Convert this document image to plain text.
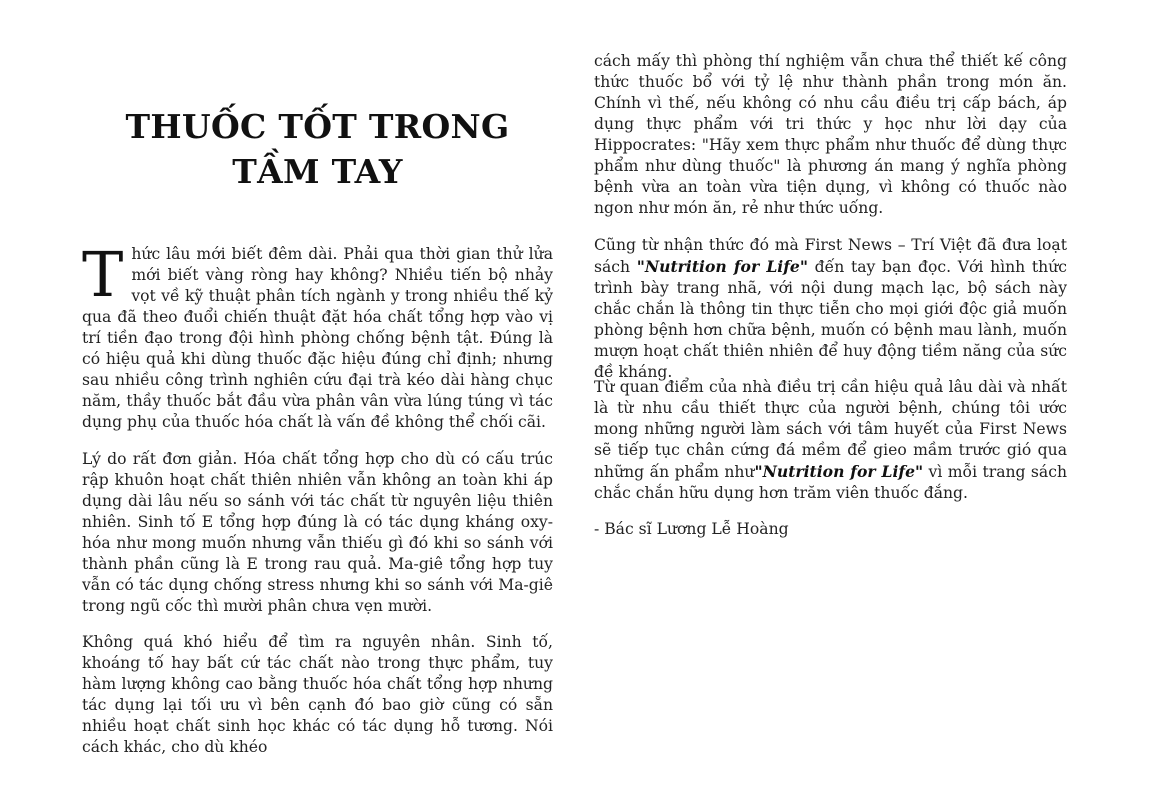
THUỐC TỐT TRONG TẦM TAY

Thức lâu mới biết đêm dài. Phải qua thời gian thử lửa mới biết vàng ròng hay không? Nhiều tiến bộ nhảy vọt về kỹ thuật phân tích ngành y trong nhiều thế kỷ qua đã theo đuổi chiến thuật đặt hóa chất tổng hợp vào vị trí tiền đạo trong đội hình phòng chống bệnh tật. Đúng là có hiệu quả khi dùng thuốc đặc hiệu đúng chỉ định; nhưng sau nhiều công trình nghiên cứu đại trà kéo dài hàng chục năm, thầy thuốc bắt đầu vừa phân vân vừa lúng túng vì tác dụng phụ của thuốc hóa chất là vấn đề không thể chối cãi.

Lý do rất đơn giản. Hóa chất tổng hợp cho dù có cấu trúc rập khuôn hoạt chất thiên nhiên vẫn không an toàn khi áp dụng dài lâu nếu so sánh với tác chất từ nguyên liệu thiên nhiên. Sinh tố E tổng hợp đúng là có tác dụng kháng oxy-hóa như mong muốn nhưng vẫn thiếu gì đó khi so sánh với thành phần cũng là E trong rau quả. Ma-giê tổng hợp tuy vẫn có tác dụng chống stress nhưng khi so sánh với Ma-giê trong ngũ cốc thì mười phân chưa vẹn mười.

Không quá khó hiểu để tìm ra nguyên nhân. Sinh tố, khoáng tố hay bất cứ tác chất nào trong thực phẩm, tuy hàm lượng không cao bằng thuốc hóa chất tổng hợp nhưng tác dụng lại tối ưu vì bên cạnh đó bao giờ cũng có sẵn nhiều hoạt chất sinh học khác có tác dụng hỗ tương. Nói cách khác, cho dù khéo

cách mấy thì phòng thí nghiệm vẫn chưa thể thiết kế công thức thuốc bổ với tỷ lệ như thành phần trong món ăn. Chính vì thế, nếu không có nhu cầu điều trị cấp bách, áp dụng thực phẩm với tri thức y học như lời dạy của Hippocrates: "Hãy xem thực phẩm như thuốc để dùng thực phẩm như dùng thuốc" là phương án mang ý nghĩa phòng bệnh vừa an toàn vừa tiện dụng, vì không có thuốc nào ngon như món ăn, rẻ như thức uống.

Cũng từ nhận thức đó mà First News – Trí Việt đã đưa loạt sách "Nutrition for Life" đến tay bạn đọc. Với hình thức trình bày trang nhã, với nội dung mạch lạc, bộ sách này chắc chắn là thông tin thực tiễn cho mọi giới độc giả muốn phòng bệnh hơn chữa bệnh, muốn có bệnh mau lành, muốn mượn hoạt chất thiên nhiên để huy động tiềm năng của sức đề kháng.

Từ quan điểm của nhà điều trị cần hiệu quả lâu dài và nhất là từ nhu cầu thiết thực của người bệnh, chúng tôi ước mong những người làm sách với tâm huyết của First News sẽ tiếp tục chân cứng đá mềm để gieo mầm trước gió qua những ấn phẩm như"Nutrition for Life" vì mỗi trang sách chắc chắn hữu dụng hơn trăm viên thuốc đắng.

- Bác sĩ Lương Lễ Hoàng
